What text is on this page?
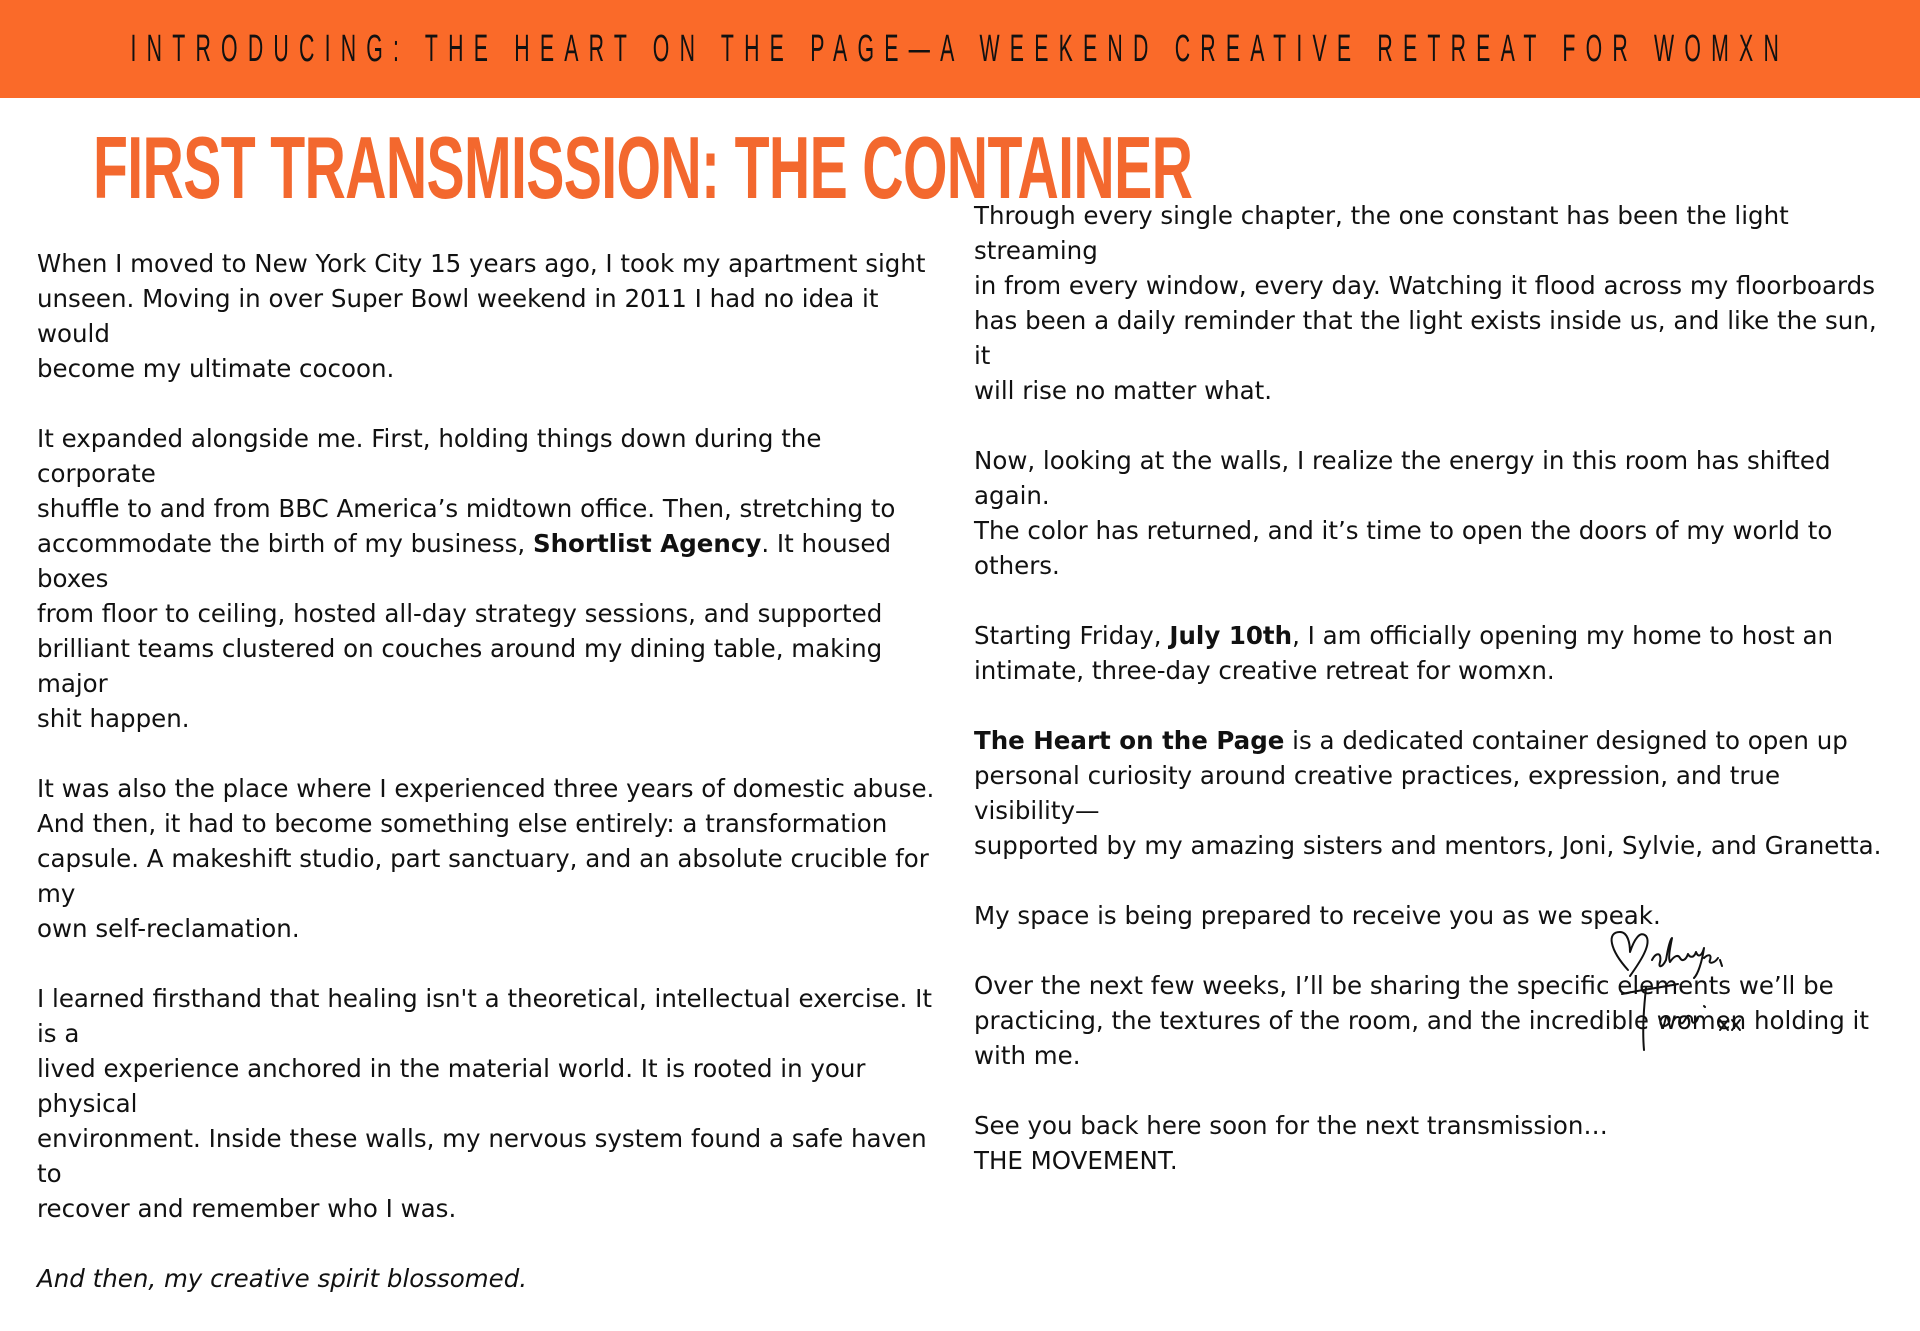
INTRODUCING: THE HEART ON THE PAGE—A WEEKEND CREATIVE RETREAT FOR WOMXN
FIRST TRANSMISSION: THE CONTAINER

When I moved to New York City 15 years ago, I took my apartment sight
unseen. Moving in over Super Bowl weekend in 2011 I had no idea it would
become my ultimate cocoon.

It expanded alongside me. First, holding things down during the corporate
shuffle to and from BBC America’s midtown office. Then, stretching to
accommodate the birth of my business, Shortlist Agency. It housed boxes
from floor to ceiling, hosted all-day strategy sessions, and supported
brilliant teams clustered on couches around my dining table, making major
shit happen.

It was also the place where I experienced three years of domestic abuse.
And then, it had to become something else entirely: a transformation
capsule. A makeshift studio, part sanctuary, and an absolute crucible for my
own self-reclamation.

I learned firsthand that healing isn't a theoretical, intellectual exercise. It is a
lived experience anchored in the material world. It is rooted in your physical
environment. Inside these walls, my nervous system found a safe haven to
recover and remember who I was.

And then, my creative spirit blossomed.

Through every single chapter, the one constant has been the light streaming
in from every window, every day. Watching it flood across my floorboards
has been a daily reminder that the light exists inside us, and like the sun, it
will rise no matter what.

Now, looking at the walls, I realize the energy in this room has shifted again.
The color has returned, and it’s time to open the doors of my world to
others.

Starting Friday, July 10th, I am officially opening my home to host an
intimate, three-day creative retreat for womxn.

The Heart on the Page is a dedicated container designed to open up
personal curiosity around creative practices, expression, and true visibility—
supported by my amazing sisters and mentors, Joni, Sylvie, and Granetta.

My space is being prepared to receive you as we speak.

Over the next few weeks, I’ll be sharing the specific elements we’ll be
practicing, the textures of the room, and the incredible women holding it
with me.

See you back here soon for the next transmission…
THE MOVEMENT.
